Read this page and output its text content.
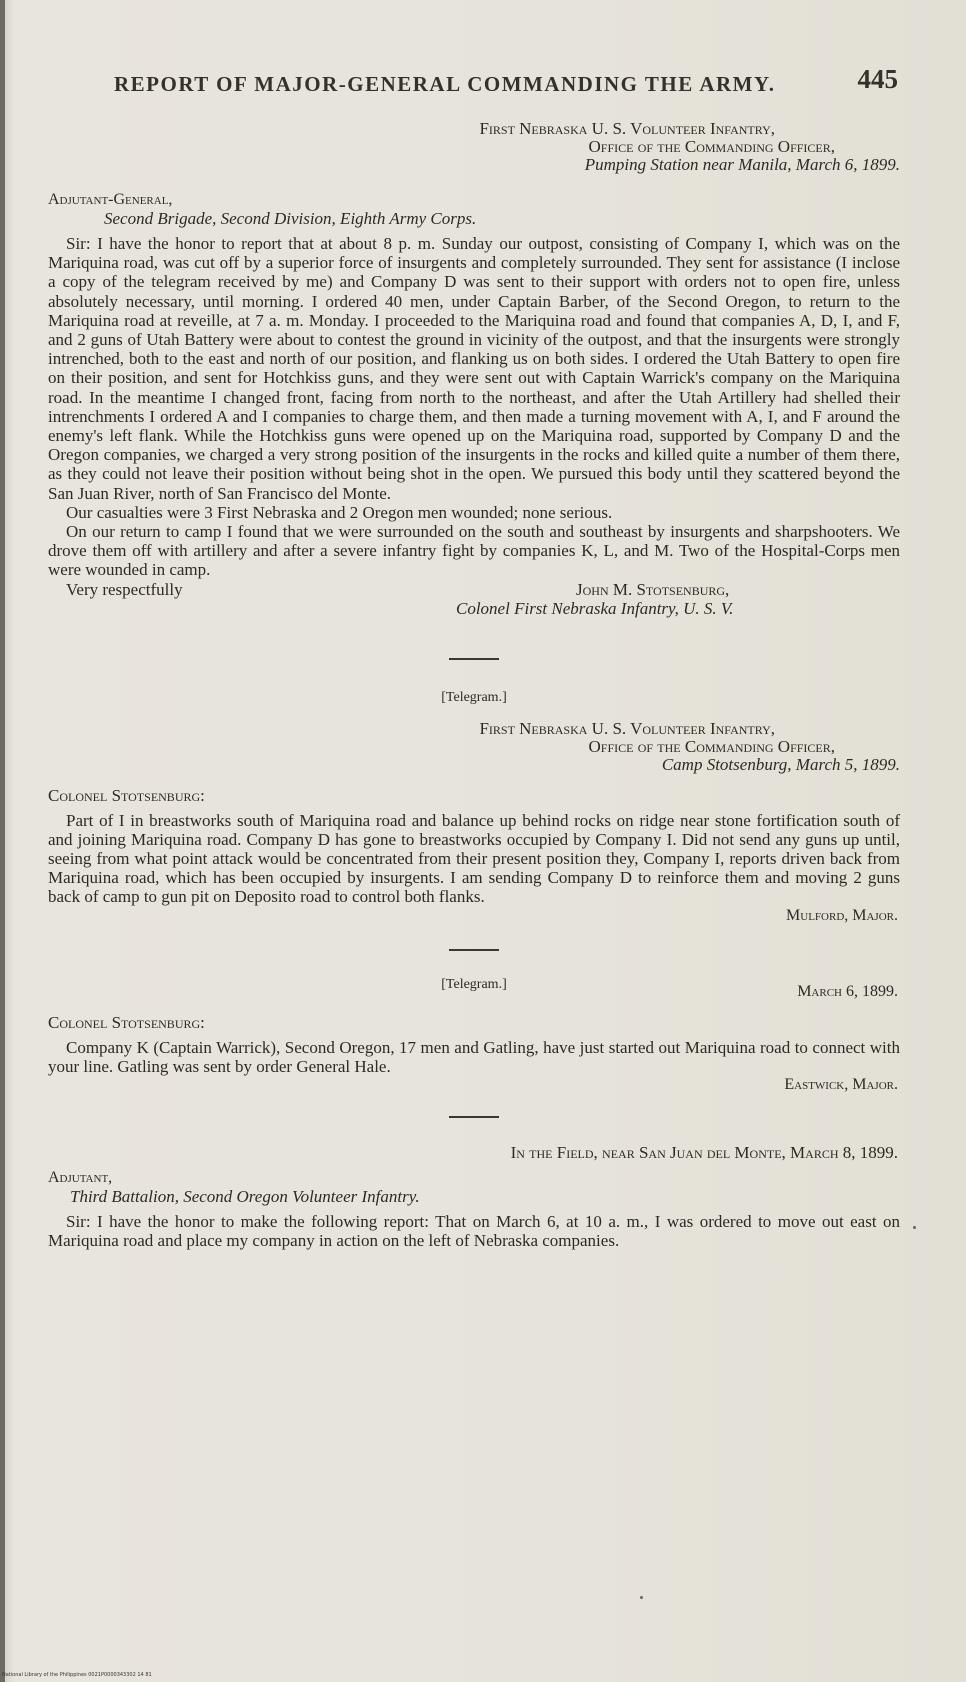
REPORT OF MAJOR-GENERAL COMMANDING THE ARMY.	445
First Nebraska U. S. Volunteer Infantry,
Office of the Commanding Officer,
Pumping Station near Manila, March 6, 1899.
Adjutant-General,
Second Brigade, Second Division, Eighth Army Corps.

Sir: I have the honor to report that at about 8 p. m. Sunday our outpost, consisting of Company I, which was on the Mariquina road, was cut off by a superior force of insurgents and completely surrounded. They sent for assistance (I inclose a copy of the telegram received by me) and Company D was sent to their support with orders not to open fire, unless absolutely necessary, until morning. I ordered 40 men, under Captain Barber, of the Second Oregon, to return to the Mariquina road at reveille, at 7 a. m. Monday. I proceeded to the Mariquina road and found that companies A, D, I, and F, and 2 guns of Utah Battery were about to contest the ground in vicinity of the outpost, and that the insurgents were strongly intrenched, both to the east and north of our position, and flanking us on both sides. I ordered the Utah Battery to open fire on their position, and sent for Hotchkiss guns, and they were sent out with Captain Warrick's company on the Mariquina road. In the meantime I changed front, facing from north to the northeast, and after the Utah Artillery had shelled their intrenchments I ordered A and I companies to charge them, and then made a turning movement with A, I, and F around the enemy's left flank. While the Hotchkiss guns were opened up on the Mariquina road, supported by Company D and the Oregon companies, we charged a very strong position of the insurgents in the rocks and killed quite a number of them there, as they could not leave their position without being shot in the open. We pursued this body until they scattered beyond the San Juan River, north of San Francisco del Monte.

Our casualties were 3 First Nebraska and 2 Oregon men wounded; none serious.

On our return to camp I found that we were surrounded on the south and southeast by insurgents and sharpshooters. We drove them off with artillery and after a severe infantry fight by companies K, L, and M. Two of the Hospital-Corps men were wounded in camp.

Very respectfully	John M. Stotsenburg,
Colonel First Nebraska Infantry, U. S. V.
[Telegram.]
First Nebraska U. S. Volunteer Infantry,
Office of the Commanding Officer,
Camp Stotsenburg, March 5, 1899.
Colonel Stotsenburg:

Part of I in breastworks south of Mariquina road and balance up behind rocks on ridge near stone fortification south of and joining Mariquina road. Company D has gone to breastworks occupied by Company I. Did not send any guns up until, seeing from what point attack would be concentrated from their present position they, Company I, reports driven back from Mariquina road, which has been occupied by insurgents. I am sending Company D to reinforce them and moving 2 guns back of camp to gun pit on Deposito road to control both flanks.

Mulford, Major.
[Telegram.]	March 6, 1899.
Colonel Stotsenburg:

Company K (Captain Warrick), Second Oregon, 17 men and Gatling, have just started out Mariquina road to connect with your line. Gatling was sent by order General Hale.

Eastwick, Major.
In the Field, near San Juan del Monte, March 8, 1899.
Adjutant,
Third Battalion, Second Oregon Volunteer Infantry.

Sir: I have the honor to make the following report: That on March 6, at 10 a. m., I was ordered to move out east on Mariquina road and place my company in action on the left of Nebraska companies.

National Library of the Philippines 0021P0000343302 14 81
